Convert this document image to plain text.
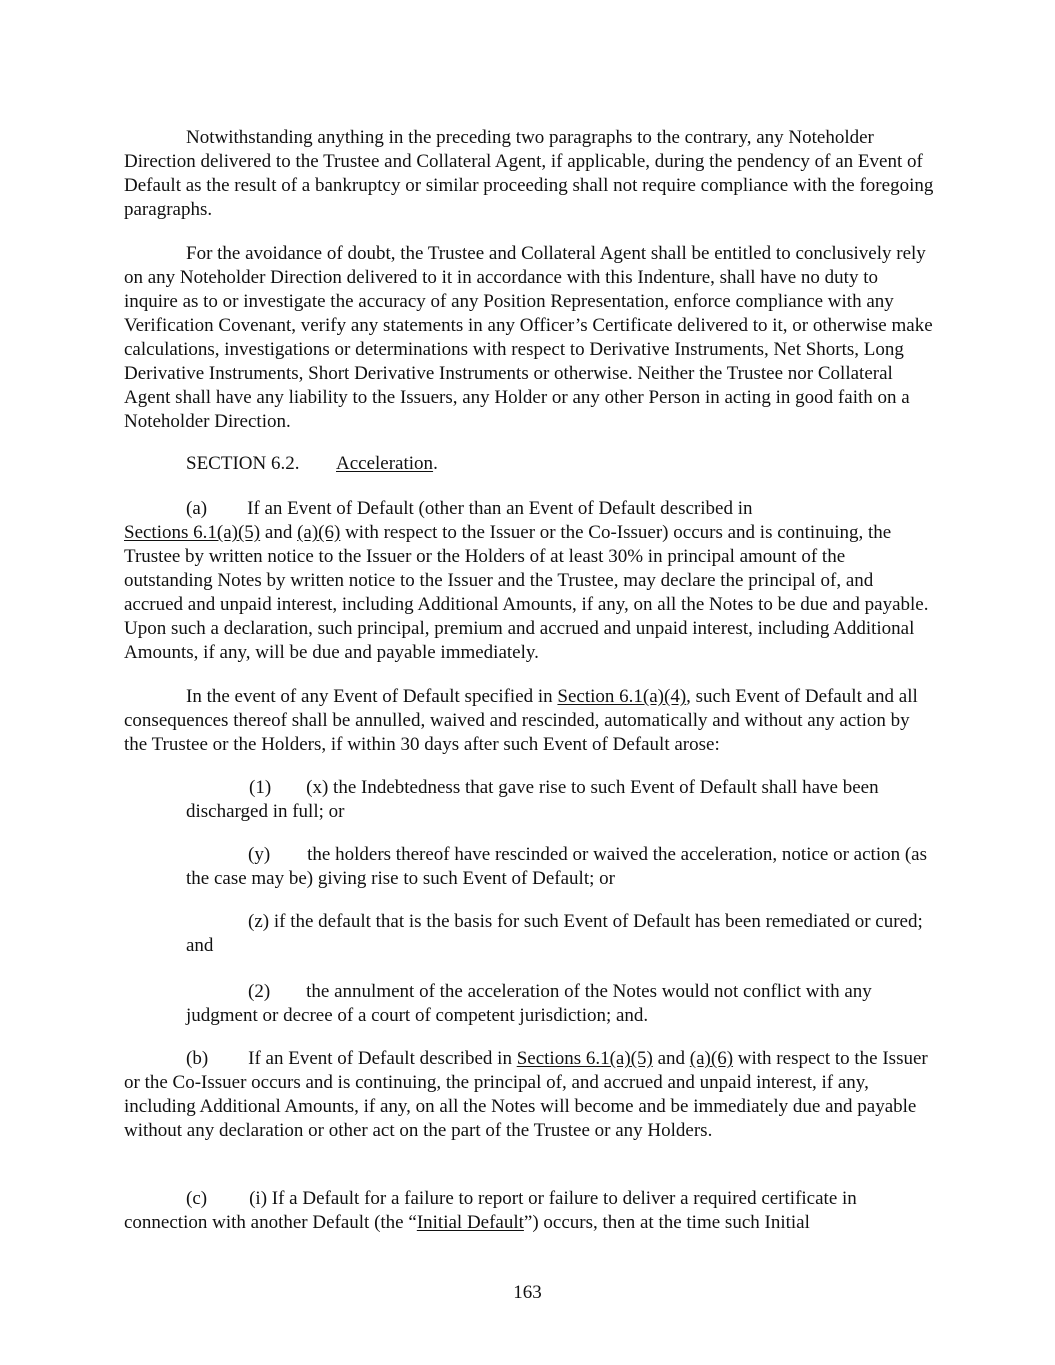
Notwithstanding anything in the preceding two paragraphs to the contrary, any Noteholder Direction delivered to the Trustee and Collateral Agent, if applicable, during the pendency of an Event of Default as the result of a bankruptcy or similar proceeding shall not require compliance with the foregoing paragraphs.

For the avoidance of doubt, the Trustee and Collateral Agent shall be entitled to conclusively rely on any Noteholder Direction delivered to it in accordance with this Indenture, shall have no duty to inquire as to or investigate the accuracy of any Position Representation, enforce compliance with any Verification Covenant, verify any statements in any Officer’s Certificate delivered to it, or otherwise make calculations, investigations or determinations with respect to Derivative Instruments, Net Shorts, Long Derivative Instruments, Short Derivative Instruments or otherwise. Neither the Trustee nor Collateral Agent shall have any liability to the Issuers, any Holder or any other Person in acting in good faith on a Noteholder Direction.

SECTION 6.2. Acceleration.

(a) If an Event of Default (other than an Event of Default described in
Sections 6.1(a)(5) and (a)(6) with respect to the Issuer or the Co-Issuer) occurs and is continuing, the Trustee by written notice to the Issuer or the Holders of at least 30% in principal amount of the outstanding Notes by written notice to the Issuer and the Trustee, may declare the principal of, and accrued and unpaid interest, including Additional Amounts, if any, on all the Notes to be due and payable. Upon such a declaration, such principal, premium and accrued and unpaid interest, including Additional Amounts, if any, will be due and payable immediately.

In the event of any Event of Default specified in Section 6.1(a)(4), such Event of Default and all consequences thereof shall be annulled, waived and rescinded, automatically and without any action by the Trustee or the Holders, if within 30 days after such Event of Default arose:

(1) (x) the Indebtedness that gave rise to such Event of Default shall have been discharged in full; or

(y) the holders thereof have rescinded or waived the acceleration, notice or action (as the case may be) giving rise to such Event of Default; or

(z) if the default that is the basis for such Event of Default has been remediated or cured; and

(2) the annulment of the acceleration of the Notes would not conflict with any judgment or decree of a court of competent jurisdiction; and.

(b) If an Event of Default described in Sections 6.1(a)(5) and (a)(6) with respect to the Issuer or the Co-Issuer occurs and is continuing, the principal of, and accrued and unpaid interest, if any, including Additional Amounts, if any, on all the Notes will become and be immediately due and payable without any declaration or other act on the part of the Trustee or any Holders.

(c) (i) If a Default for a failure to report or failure to deliver a required certificate in connection with another Default (the “Initial Default”) occurs, then at the time such Initial

163
